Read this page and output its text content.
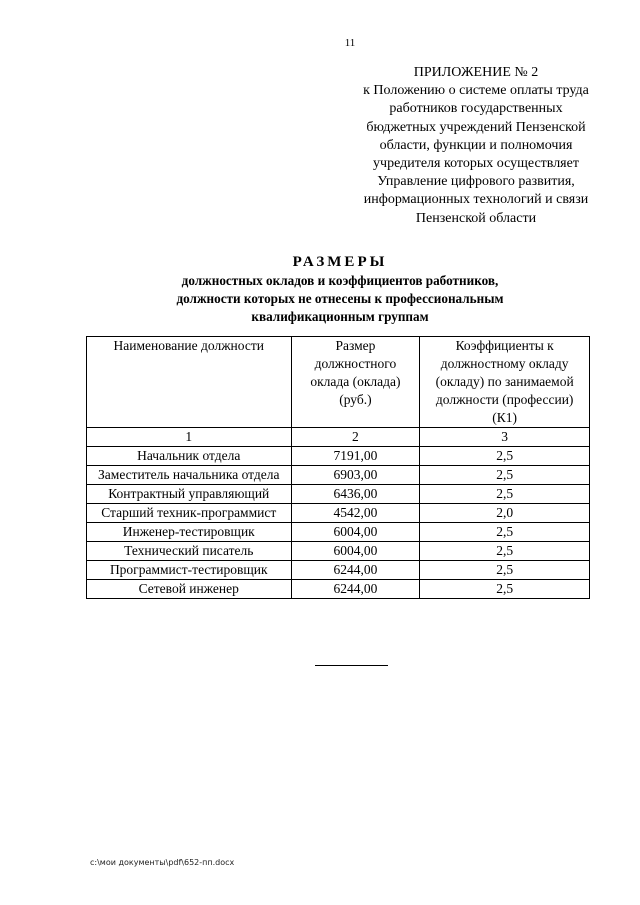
11
ПРИЛОЖЕНИЕ № 2
к Положению о системе оплаты труда
работников государственных
бюджетных учреждений Пензенской
области, функции и полномочия
учредителя которых осуществляет
Управление цифрового развития,
информационных технологий и связи
Пензенской области
РАЗМЕРЫ
должностных окладов и коэффициентов работников,
должности которых не отнесены к профессиональным
квалификационным группам
Наименование должности	Размер должностного оклада (оклада) (руб.)	Коэффициенты к должностному окладу (окладу) по занимаемой должности (профессии) (К1)
1	2	3
Начальник отдела	7191,00	2,5
Заместитель начальника отдела	6903,00	2,5
Контрактный управляющий	6436,00	2,5
Старший техник-программист	4542,00	2,0
Инженер-тестировщик	6004,00	2,5
Технический писатель	6004,00	2,5
Программист-тестировщик	6244,00	2,5
Сетевой инженер	6244,00	2,5
c:\мои документы\pdf\652-пп.docx
